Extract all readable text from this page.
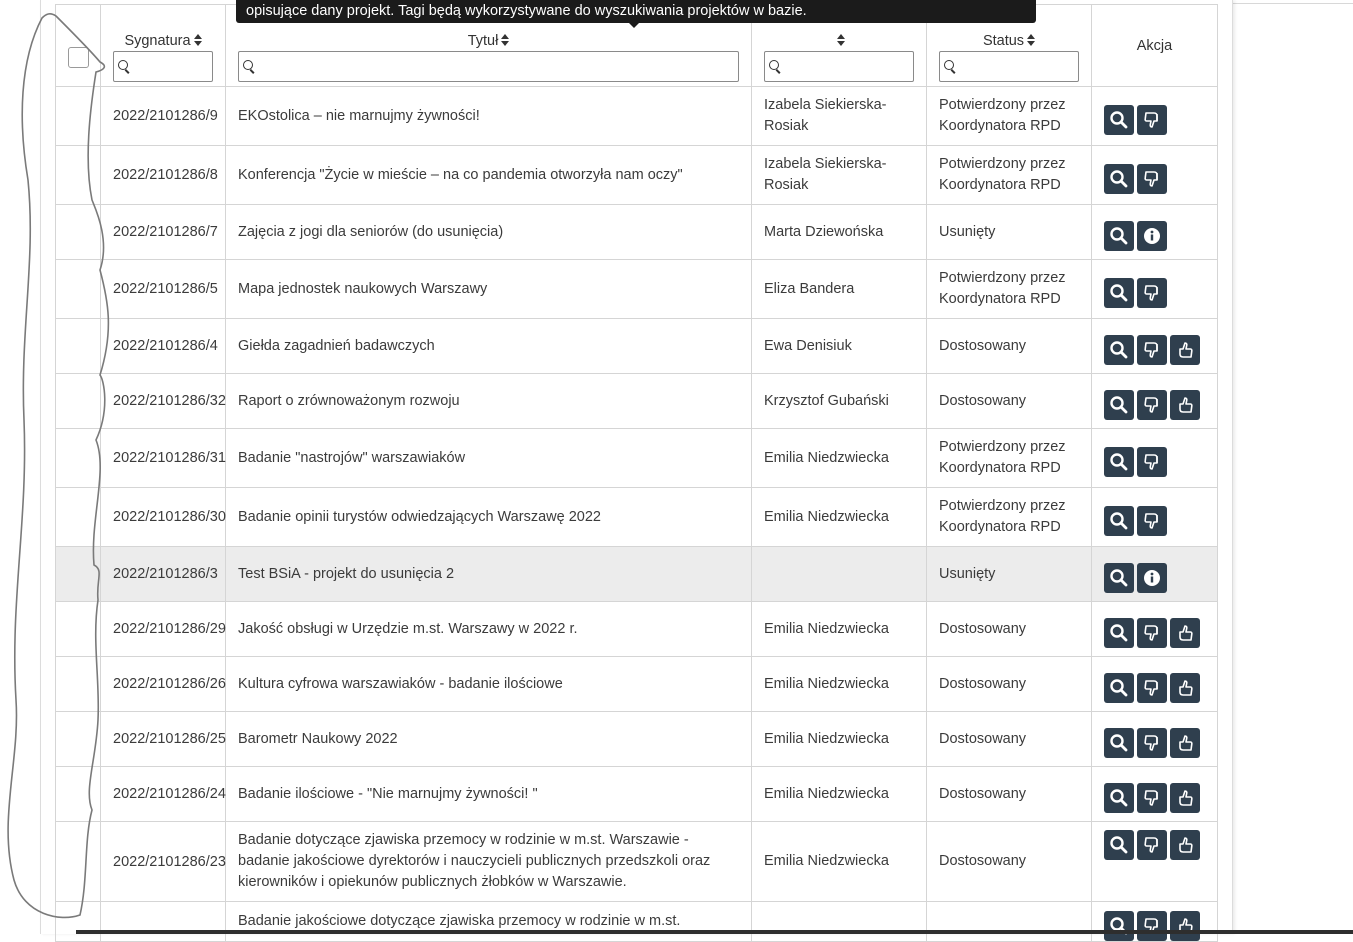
	Sygnatura	Tytuł		Status	Akcja
	2022/2101286/9	EKOstolica – nie marnujmy żywności!	Izabela Siekierska-Rosiak	Potwierdzony przez Koordynatora RPD	

	2022/2101286/8	Konferencja "Życie w mieście – na co pandemia otworzyła nam oczy"	Izabela Siekierska-Rosiak	Potwierdzony przez Koordynatora RPD	

	2022/2101286/7	Zajęcia z jogi dla seniorów (do usunięcia)	Marta Dziewońska	Usunięty	

	2022/2101286/5	Mapa jednostek naukowych Warszawy	Eliza Bandera	Potwierdzony przez Koordynatora RPD	

	2022/2101286/4	Giełda zagadnień badawczych	Ewa Denisiuk	Dostosowany	

	2022/2101286/32	Raport o zrównoważonym rozwoju	Krzysztof Gubański	Dostosowany	

	2022/2101286/31	Badanie "nastrojów" warszawiaków	Emilia Niedzwiecka	Potwierdzony przez Koordynatora RPD	

	2022/2101286/30	Badanie opinii turystów odwiedzających Warszawę 2022	Emilia Niedzwiecka	Potwierdzony przez Koordynatora RPD	

	2022/2101286/3	Test BSiA - projekt do usunięcia 2		Usunięty	

	2022/2101286/29	Jakość obsługi w Urzędzie m.st. Warszawy w 2022 r.	Emilia Niedzwiecka	Dostosowany	

	2022/2101286/26	Kultura cyfrowa warszawiaków - badanie ilościowe	Emilia Niedzwiecka	Dostosowany	

	2022/2101286/25	Barometr Naukowy 2022	Emilia Niedzwiecka	Dostosowany	

	2022/2101286/24	Badanie ilościowe - "Nie marnujmy żywności! "	Emilia Niedzwiecka	Dostosowany	

	2022/2101286/23	Badanie dotyczące zjawiska przemocy w rodzinie w m.st. Warszawie - badanie jakościowe dyrektorów i nauczycieli publicznych przedszkoli oraz kierowników i opiekunów publicznych żłobków w Warszawie.	Emilia Niedzwiecka	Dostosowany	

		Badanie jakościowe dotyczące zjawiska przemocy w rodzinie w m.st.			
opisujące dany projekt. Tagi będą wykorzystywane do wyszukiwania projektów w bazie.
